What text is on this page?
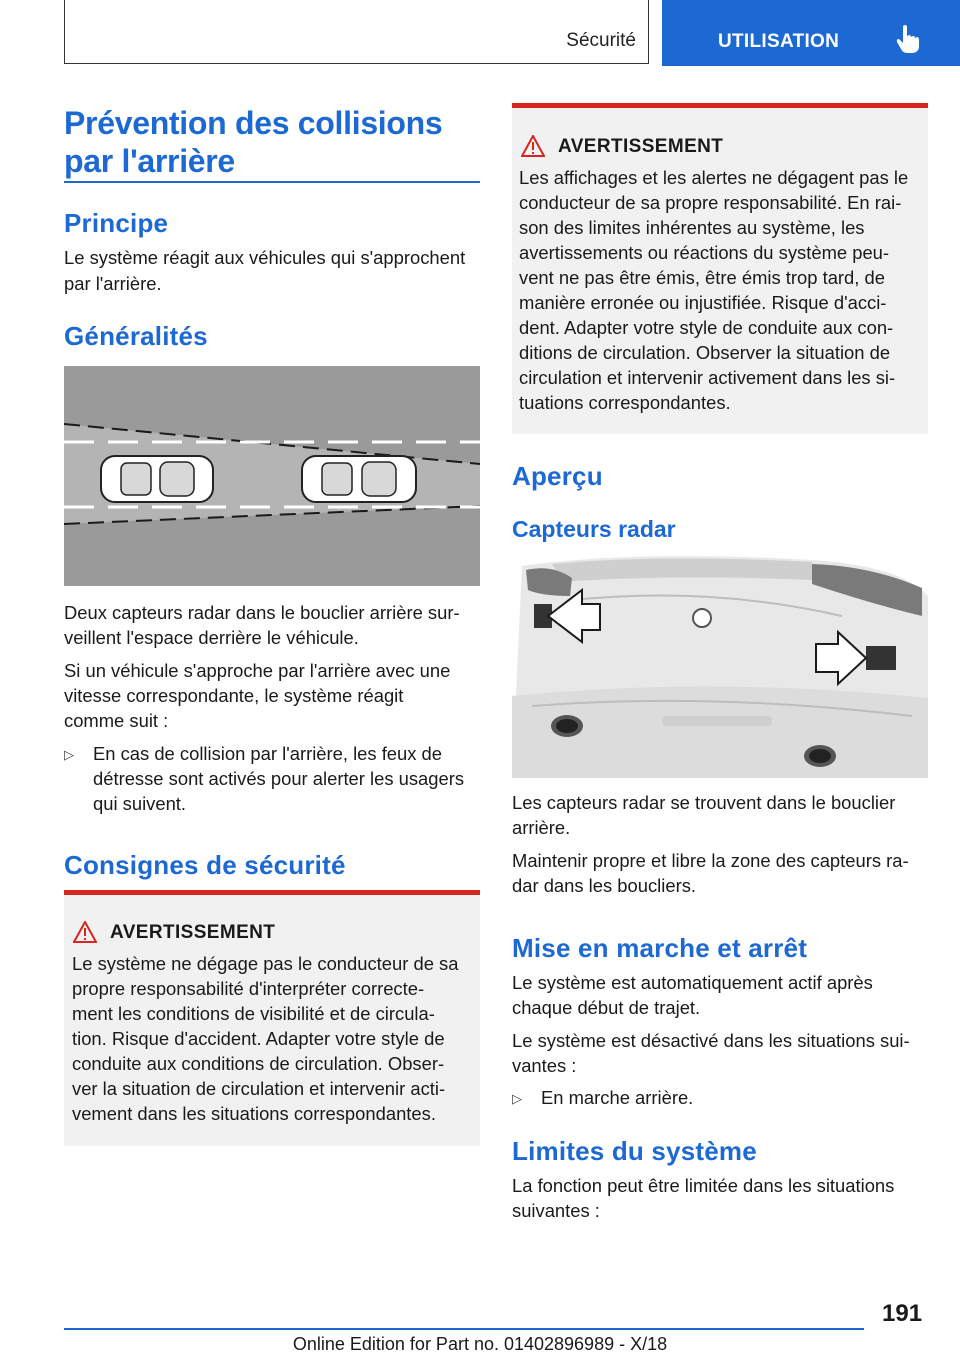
Sécurité	UTILISATION
Prévention des collisions
par l'arrière
Principe

Le système réagit aux véhicules qui s'approchent

par l'arrière.

Généralités

Deux capteurs radar dans le bouclier arrière sur-

veillent l'espace derrière le véhicule.

Si un véhicule s'approche par l'arrière avec une

vitesse correspondante, le système réagit

comme suit :

▷ En cas de collision par l'arrière, les feux de
détresse sont activés pour alerter les usagers
qui suivent.
Consignes de sécurité
AVERTISSEMENT
Le système ne dégage pas le conducteur de sa
propre responsabilité d'interpréter correcte-
ment les conditions de visibilité et de circula-
tion. Risque d'accident. Adapter votre style de
conduite aux conditions de circulation. Obser-
ver la situation de circulation et intervenir acti-
vement dans les situations correspondantes.
AVERTISSEMENT
Les affichages et les alertes ne dégagent pas le
conducteur de sa propre responsabilité. En rai-
son des limites inhérentes au système, les
avertissements ou réactions du système peu-
vent ne pas être émis, être émis trop tard, de
manière erronée ou injustifiée. Risque d'acci-
dent. Adapter votre style de conduite aux con-
ditions de circulation. Observer la situation de
circulation et intervenir activement dans les si-
tuations correspondantes.
Aperçu
Capteurs radar

Les capteurs radar se trouvent dans le bouclier

arrière.

Maintenir propre et libre la zone des capteurs ra-

dar dans les boucliers.

Mise en marche et arrêt

Le système est automatiquement actif après

chaque début de trajet.

Le système est désactivé dans les situations sui-

vantes :

▷ En marche arrière.
Limites du système

La fonction peut être limitée dans les situations

suivantes :

191
Online Edition for Part no. 01402896989 - X/18
